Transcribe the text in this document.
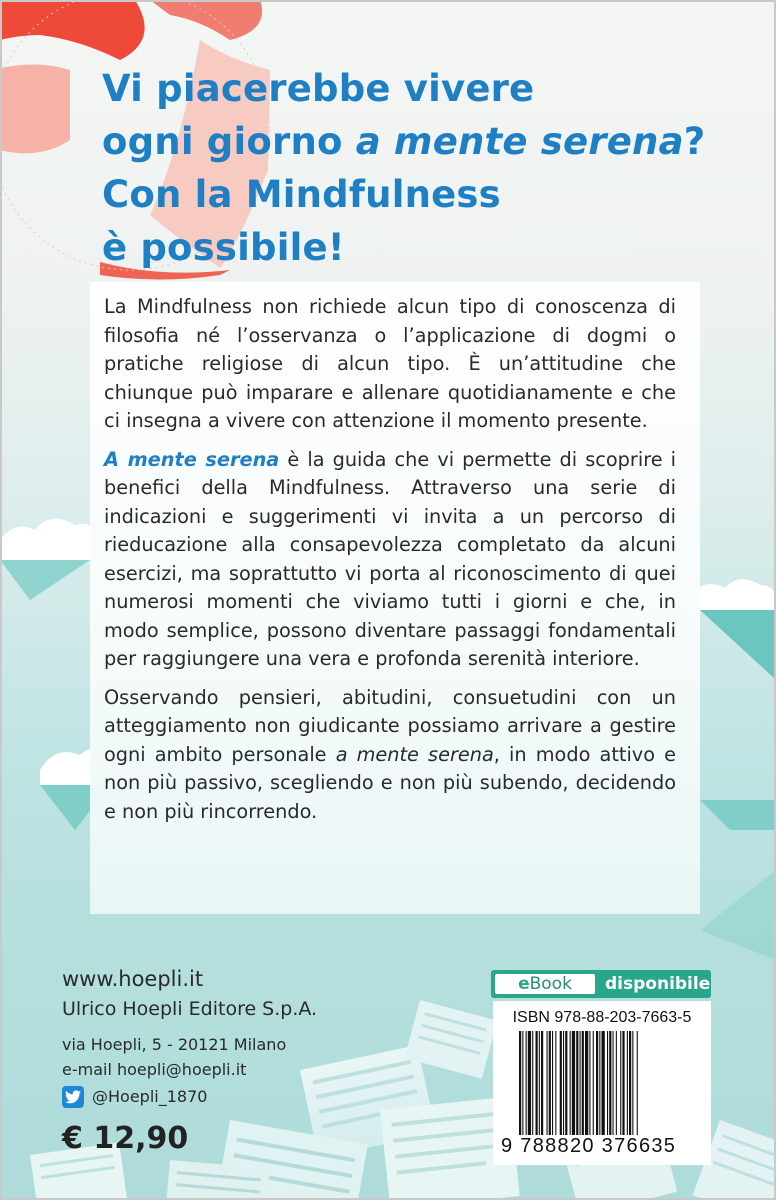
Vi piacerebbe vivere
ogni giorno a mente serena?
Con la Mindfulness
è possibile!

La Mindfulness non richiede alcun tipo di conoscenza di filosofia né l’osservanza o l’applicazione di dogmi o pratiche religiose di alcun tipo. È un’attitudine che chiunque può imparare e allenare quotidianamente e che ci insegna a vivere con attenzione il momento presente.

A mente serena è la guida che vi permette di scoprire i benefici della Mindfulness. Attraverso una serie di indicazioni e suggerimenti vi invita a un percorso di rieducazione alla consapevolezza completato da alcuni esercizi, ma soprattutto vi porta al riconoscimento di quei numerosi momenti che viviamo tutti i giorni e che, in modo semplice, possono diventare passaggi fondamentali per raggiungere una vera e profonda serenità interiore.

Osservando pensieri, abitudini, consuetudini con un atteggiamento non giudicante possiamo arrivare a gestire ogni ambito personale a mente serena, in modo attivo e non più passivo, scegliendo e non più subendo, decidendo e non più rincorrendo.

www.hoepli.it
Ulrico Hoepli Editore S.p.A.
via Hoepli, 5 - 20121 Milano
e-mail hoepli@hoepli.it
@Hoepli_1870
€ 12,90
e Book disponibile
ISBN 978-88-203-7663-5
9 788820 376635
